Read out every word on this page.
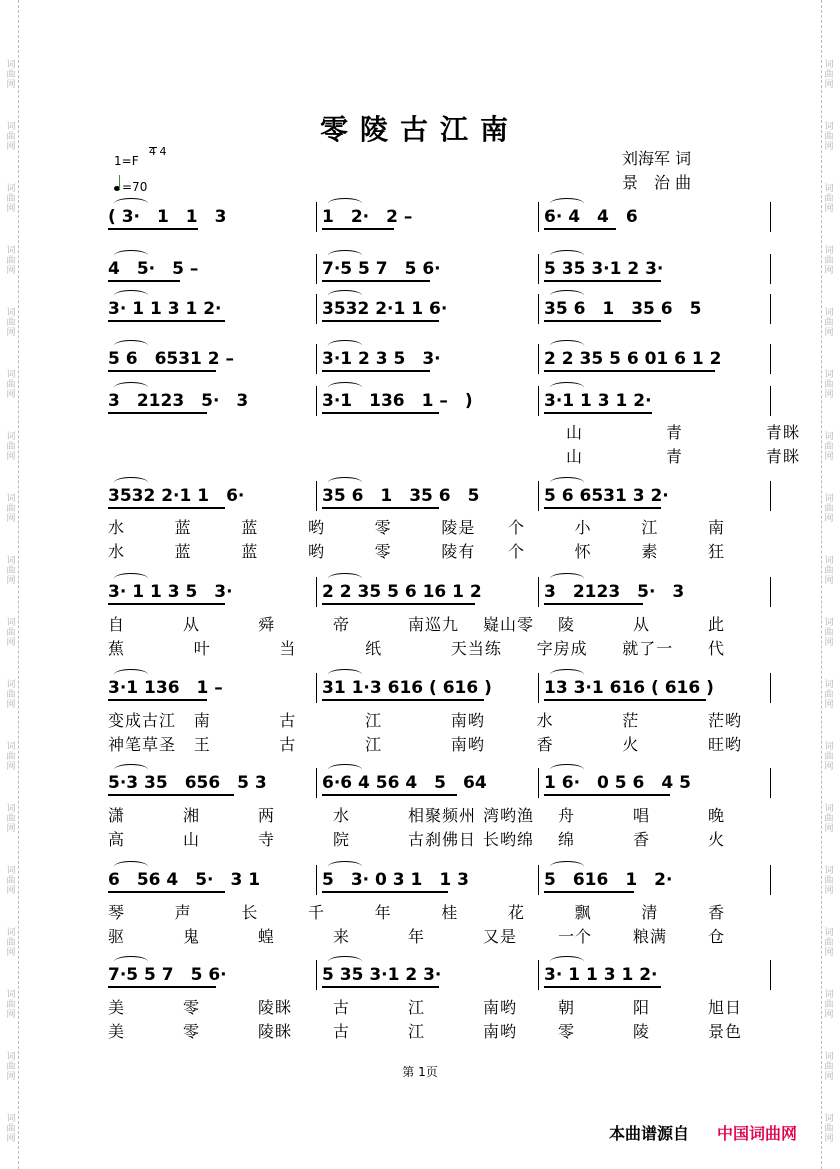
词曲网
词曲网
词曲网
词曲网
词曲网
词曲网
词曲网
词曲网
词曲网
词曲网
词曲网
词曲网
词曲网
词曲网
词曲网
词曲网
词曲网
词曲网
词曲网
词曲网
词曲网
词曲网
词曲网
词曲网
词曲网
词曲网
词曲网
词曲网
词曲网
词曲网
词曲网
词曲网
词曲网
词曲网
词曲网
词曲网
零陵古江南
刘海军 词
景　治 曲
1=F
4 4
=70
( 3·　1　1　3	1　2·　2 –	6· 4　4　6
4　5·　5 –	7·5 5 7　5 6·	5 35 3·1 2 3·
3· 1 1 3 1 2·	3532 2·1 1 6·	35 6　1　35 6　5
5 6　6531 2 –	3·1 2 3 5　3·	2 2 35 5 6 01 6 1 2
3　2123　5·　3	3·1　136　1 –　)	3·1 1 3 1 2·
3532 2·1 1　6·	35 6　1　35 6　5	5 6 6531 3 2·
3· 1 1 3 5　3·	2 2 35 5 6 16 1 2	3　2123　5·　3
3·1 136　1 –	31 1·3 616 ( 616 )	13 3·1 616 ( 616 )
5·3 35　656　5 3	6·6 4 56 4　5　64	1 6·　0 5 6　4 5
6　56 4　5·　3 1	5　3· 0 3 1　1 3	5　616　1　2·
7·5 5 7　5 6·	5 35 3·1 2 3·	3· 1 1 3 1 2·
山	青	青眯
山	青	青眯
水	蓝	蓝	哟	零	陵是 个	小	江	南
水	蓝	蓝	哟	零	陵有 个	怀	素	狂
自	从	舜	帝	南巡九 嶷山零 陵	从	此
蕉	叶	当	纸	天当练 字房成 就了一 代
变成古江 南	古	江	南哟	水	茫	茫哟
神笔草圣 王	古	江	南哟	香	火	旺哟
潇	湘	两	水	相聚频州 湾哟渔 舟	唱	晚
高	山	寺	院	古刹佛日 长哟绵 绵	香	火
琴	声	长	千	年	桂	花	飘	清	香
驱	鬼	蝗	来	年	又是	一个	粮满	仓
美	零	陵眯	古	江	南哟	朝	阳	旭日
美	零	陵眯	古	江	南哟	零	陵	景色
第 1页
本曲谱源自 中国词曲网
